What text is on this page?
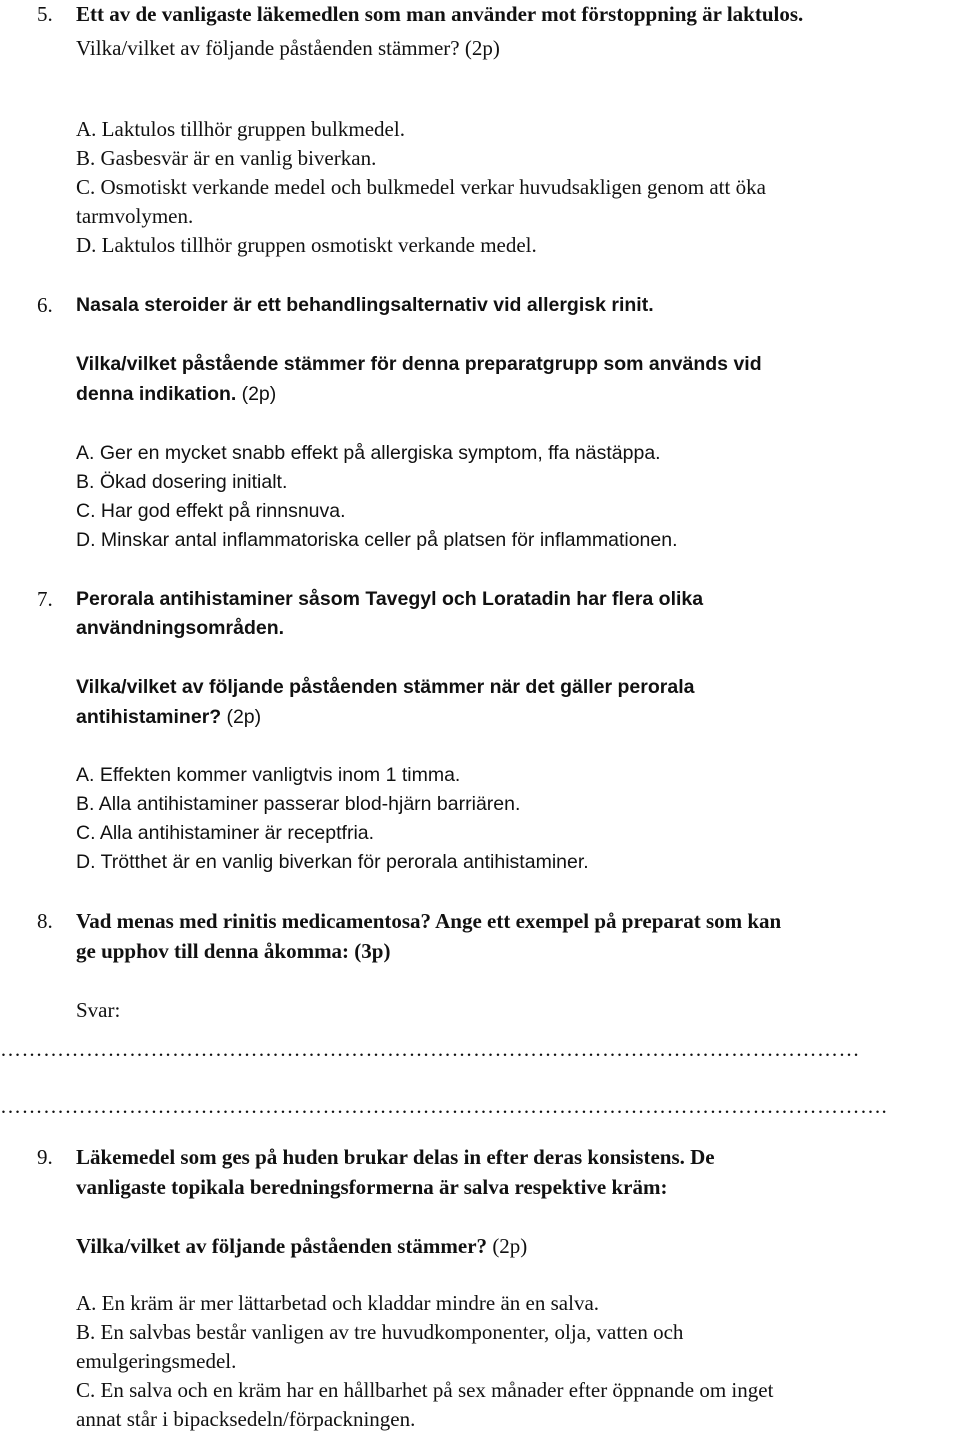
5.	Ett av de vanligaste läkemedlen som man använder mot förstoppning är laktulos.
Vilka/vilket av följande påståenden stämmer? (2p)
A. Laktulos tillhör gruppen bulkmedel.
B. Gasbesvär är en vanlig biverkan.
C. Osmotiskt verkande medel och bulkmedel verkar huvudsakligen genom att öka
tarmvolymen.
D. Laktulos tillhör gruppen osmotiskt verkande medel.
6.	Nasala steroider är ett behandlingsalternativ vid allergisk rinit.
Vilka/vilket påstående stämmer för denna preparatgrupp som används vid
denna indikation. (2p)
A. Ger en mycket snabb effekt på allergiska symptom, ffa nästäppa.
B. Ökad dosering initialt.
C. Har god effekt på rinnsnuva.
D. Minskar antal inflammatoriska celler på platsen för inflammationen.
7.	Perorala antihistaminer såsom Tavegyl och Loratadin har flera olika
användningsområden.
Vilka/vilket av följande påståenden stämmer när det gäller perorala
antihistaminer? (2p)
A. Effekten kommer vanligtvis inom 1 timma.
B. Alla antihistaminer passerar blod-hjärn barriären.
C. Alla antihistaminer är receptfria.
D. Trötthet är en vanlig biverkan för perorala antihistaminer.
8.	Vad menas med rinitis medicamentosa? Ange ett exempel på preparat som kan
ge upphov till denna åkomma: (3p)
Svar:
…………………………………………………………………………………………………………
…………………………………………………………………………………………………………….
9.	Läkemedel som ges på huden brukar delas in efter deras konsistens. De
vanligaste topikala beredningsformerna är salva respektive kräm:
Vilka/vilket av följande påståenden stämmer? (2p)
A. En kräm är mer lättarbetad och kladdar mindre än en salva.
B. En salvbas består vanligen av tre huvudkomponenter, olja, vatten och
emulgeringsmedel.
C. En salva och en kräm har en hållbarhet på sex månader efter öppnande om inget
annat står i bipacksedeln/förpackningen.
